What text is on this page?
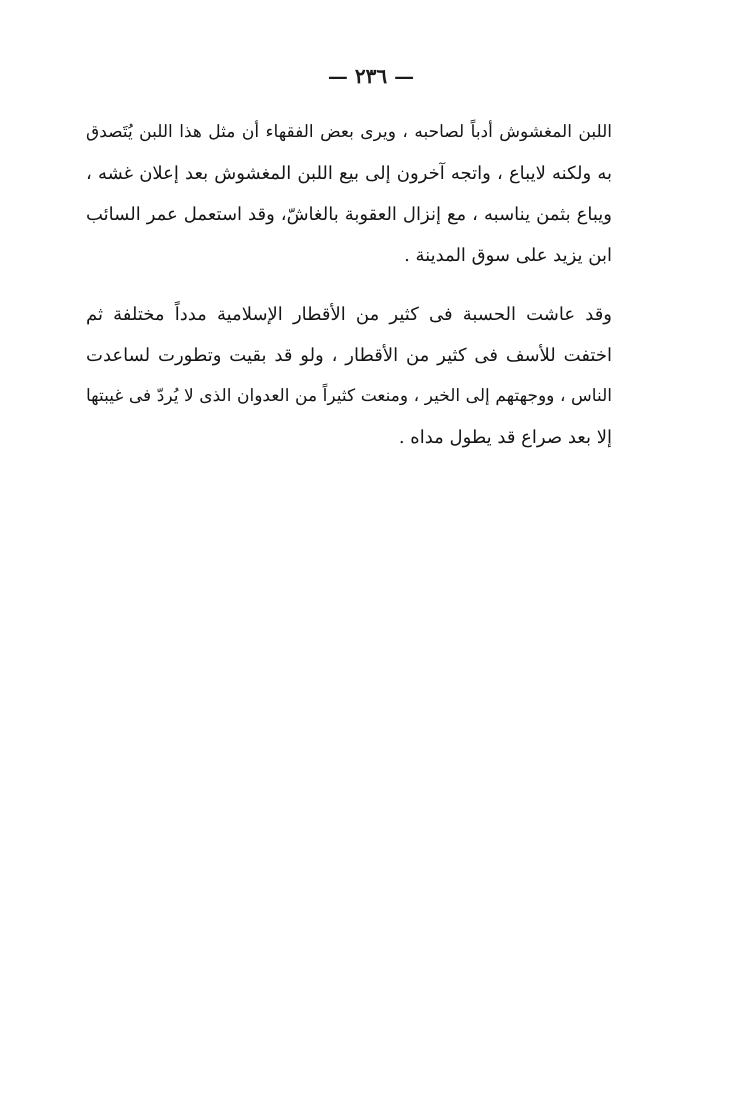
— ٢٣٦ —
اللبن المغشوش أدباً لصاحبه ، ويرى بعض الفقهاء أن مثل هذا اللبن يُتَصدق
به ولكنه لايباع ، واتجه آخرون إلى بيع اللبن المغشوش بعد إعلان غشه ،
ويباع بثمن يناسبه ، مع إنزال العقوبة بالغاشّ، وقد استعمل عمر السائب
ابن يزيد على سوق المدينة .
وقد عاشت الحسبة فى كثير من الأقطار الإسلامية مدداً مختلفة ثم
اختفت للأسف فى كثير من الأقطار ، ولو قد بقيت وتطورت لساعدت
الناس ، ووجهتهم إلى الخير ، ومنعت كثيراً من العدوان الذى لا يُردّ فى غيبتها
إلا بعد صراع قد يطول مداه .
